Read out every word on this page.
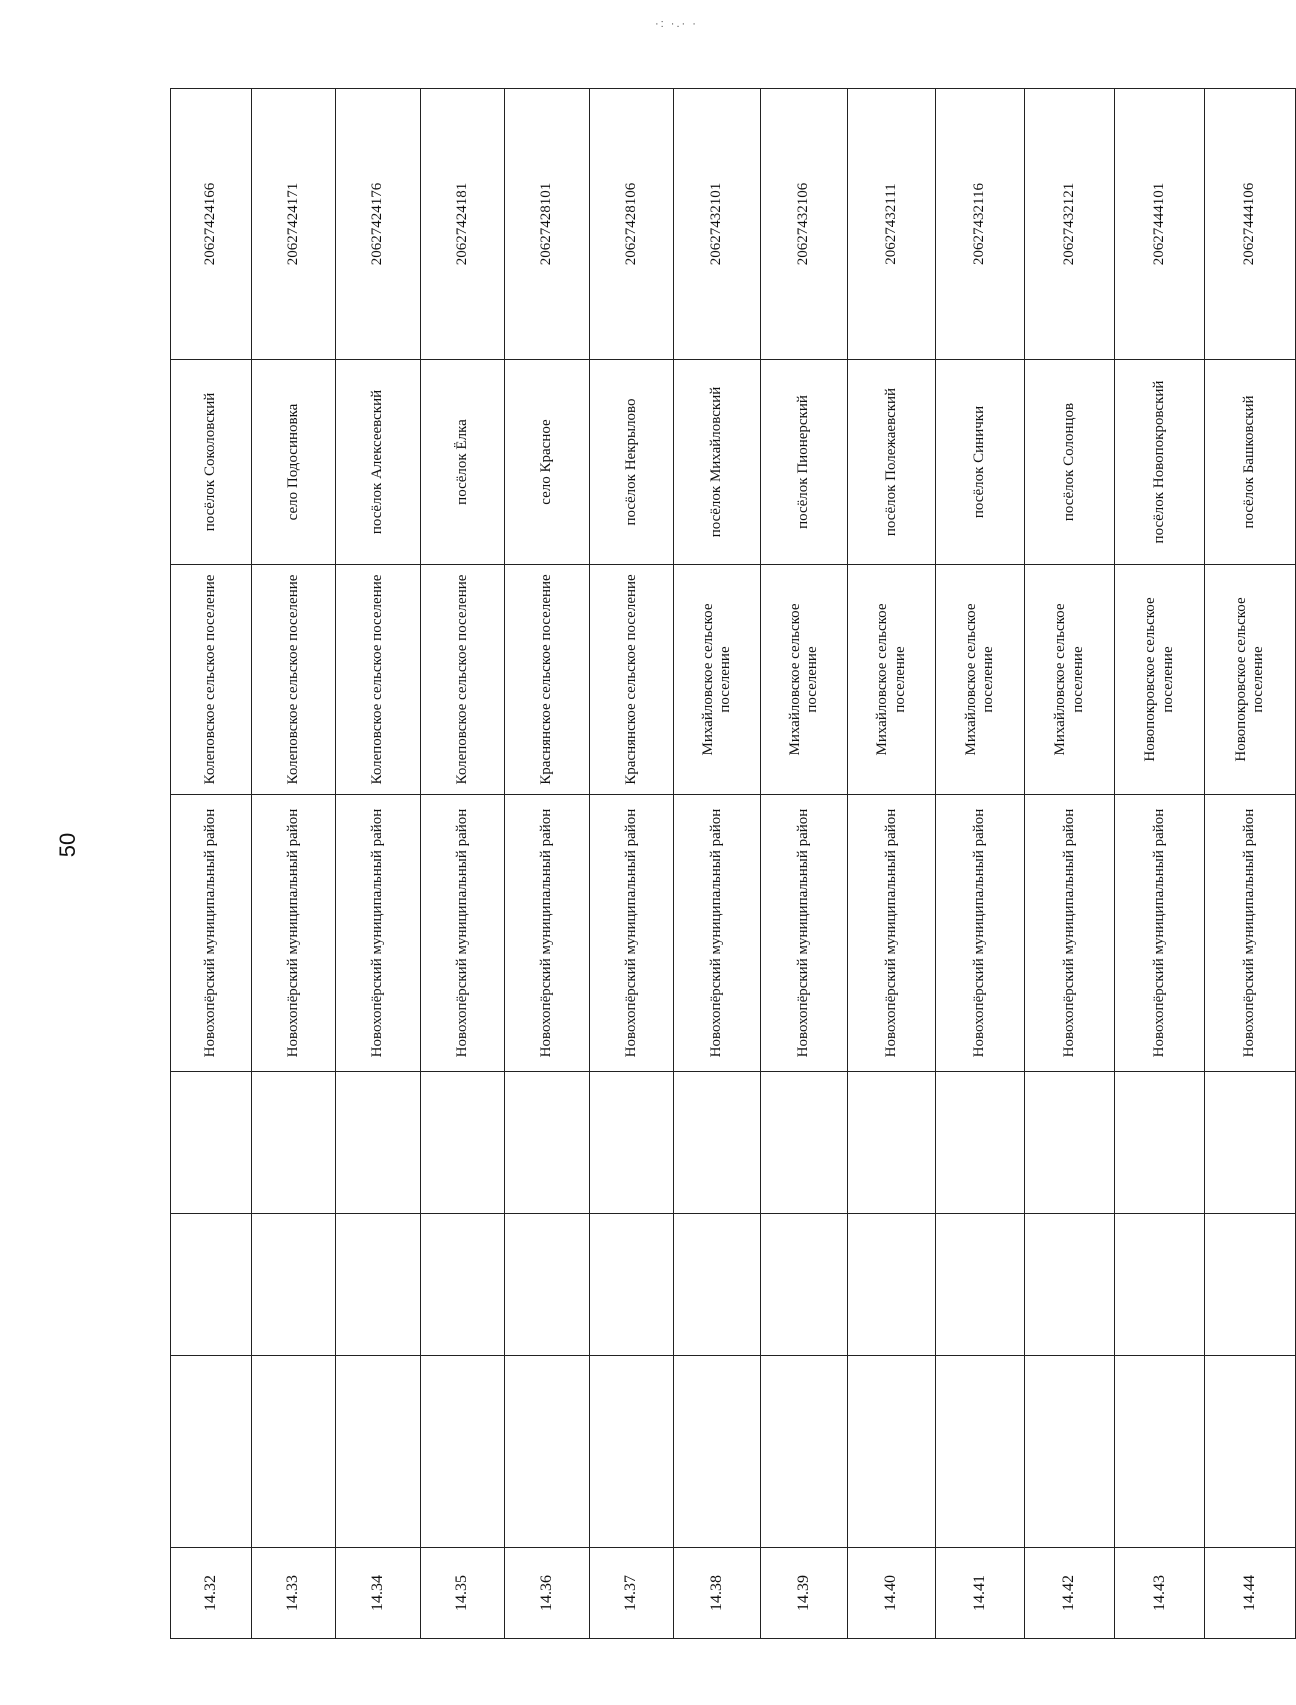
50
·: ·.· ·
14.32				Новохопёрский муниципальный район	Колеповское сельское поселение	посёлок Соколовский	20627424166
14.33				Новохопёрский муниципальный район	Колеповское сельское поселение	село Подосиновка	20627424171
14.34				Новохопёрский муниципальный район	Колеповское сельское поселение	посёлок Алексеевский	20627424176
14.35				Новохопёрский муниципальный район	Колеповское сельское поселение	посёлок Ёлка	20627424181
14.36				Новохопёрский муниципальный район	Краснянское сельское поселение	село Красное	20627428101
14.37				Новохопёрский муниципальный район	Краснянское сельское поселение	посёлок Некрылово	20627428106
14.38				Новохопёрский муниципальный район	Михайловское сельское поселение	посёлок Михайловский	20627432101
14.39				Новохопёрский муниципальный район	Михайловское сельское поселение	посёлок Пионерский	20627432106
14.40				Новохопёрский муниципальный район	Михайловское сельское поселение	посёлок Полежаевский	20627432111
14.41				Новохопёрский муниципальный район	Михайловское сельское поселение	посёлок Синички	20627432116
14.42				Новохопёрский муниципальный район	Михайловское сельское поселение	посёлок Солонцов	20627432121
14.43				Новохопёрский муниципальный район	Новопокровское сельское поселение	посёлок Новопокровский	20627444101
14.44				Новохопёрский муниципальный район	Новопокровское сельское поселение	посёлок Башковский	20627444106
